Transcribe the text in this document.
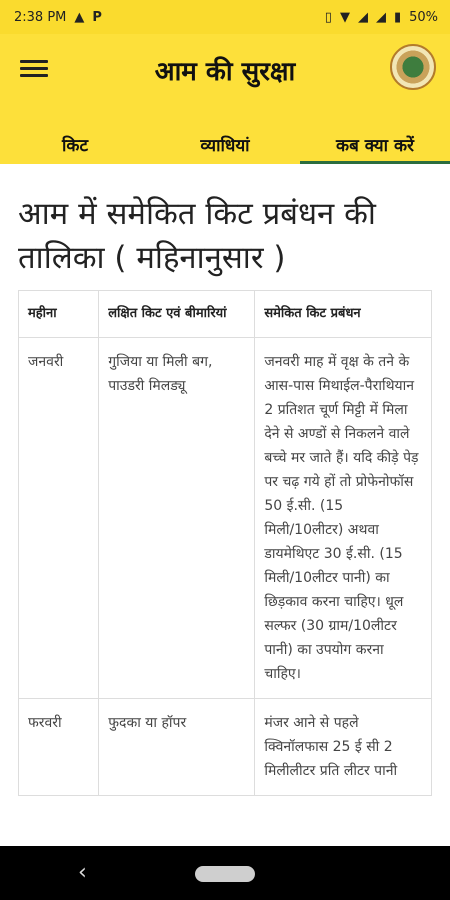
2:38 PM ▲ P	▯ ▼ ◢ ◢ ▮ 50%
आम की सुरक्षा
किट	व्याधियां	कब क्या करें
आम में समेकित किट प्रबंधन की तालिका ( महिनानुसार )
महीना	लक्षित किट एवं बीमारियां	समेकित किट प्रबंधन
जनवरी	गुजिया या मिली बग, पाउडरी मिलड्यू	जनवरी माह में वृक्ष के तने के आस-पास मिथाईल-पैराथियान 2 प्रतिशत चूर्ण मिट्टी में मिला देने से अण्डों से निकलने वाले बच्चे मर जाते हैं। यदि कीड़े पेड़ पर चढ़ गये हों तो प्रोफेनोफॉस 50 ई.सी. (15 मिली/10लीटर) अथवा डायमेथिएट 30 ई.सी. (15 मिली/10लीटर पानी) का छिड़काव करना चाहिए। धूल सल्फर (30 ग्राम/10लीटर पानी) का उपयोग करना चाहिए।
फरवरी	फुदका या हॉपर	मंजर आने से पहले क्विनॉलफास 25 ई सी 2 मिलीलीटर प्रति लीटर पानी
‹
